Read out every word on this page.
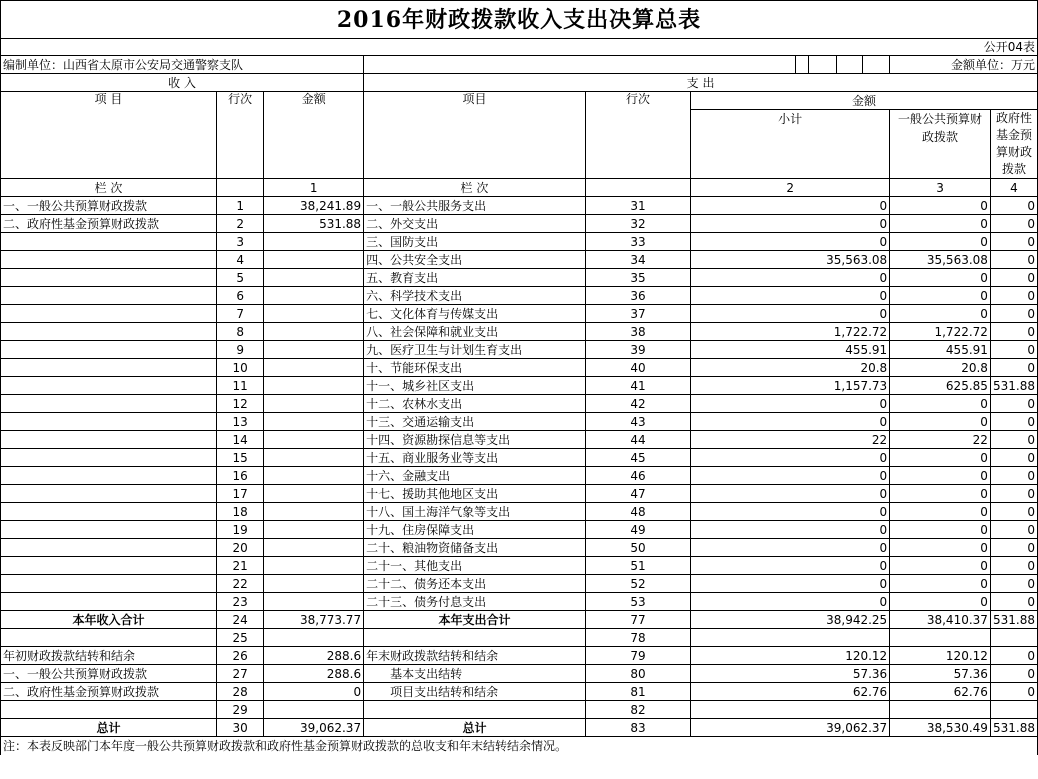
2016年财政拨款收入支出决算总表											
公开04表											
编制单位：山西省太原市公安局交通警察支队										金额单位：万元	
收 入			支 出								
项 目	行次	金额	项目	行次	金额						
					小计					一般公共预算财政拨款	政府性基金预算财政拨款

栏 次		1	栏 次		2					3	4
一、一般公共预算财政拨款	1	38,241.89	一、一般公共服务支出	31	0					0	0
二、政府性基金预算财政拨款	2	531.88	二、外交支出	32	0					0	0
	3		三、国防支出	33	0					0	0
	4		四、公共安全支出	34	35,563.08					35,563.08	0
	5		五、教育支出	35	0					0	0
	6		六、科学技术支出	36	0					0	0
	7		七、文化体育与传媒支出	37	0					0	0
	8		八、社会保障和就业支出	38	1,722.72					1,722.72	0
	9		九、医疗卫生与计划生育支出	39	455.91					455.91	0
	10		十、节能环保支出	40	20.8					20.8	0
	11		十一、城乡社区支出	41	1,157.73					625.85	531.88
	12		十二、农林水支出	42	0					0	0
	13		十三、交通运输支出	43	0					0	0
	14		十四、资源勘探信息等支出	44	22					22	0
	15		十五、商业服务业等支出	45	0					0	0
	16		十六、金融支出	46	0					0	0
	17		十七、援助其他地区支出	47	0					0	0
	18		十八、国土海洋气象等支出	48	0					0	0
	19		十九、住房保障支出	49	0					0	0
	20		二十、粮油物资储备支出	50	0					0	0
	21		二十一、其他支出	51	0					0	0
	22		二十二、债务还本支出	52	0					0	0
	23		二十三、债务付息支出	53	0					0	0
本年收入合计	24	38,773.77	本年支出合计	77	38,942.25					38,410.37	531.88
	25			78							
年初财政拨款结转和结余	26	288.6	年末财政拨款结转和结余	79	120.12					120.12	0
一、一般公共预算财政拨款	27	288.6	基本支出结转	80	57.36					57.36	0
二、政府性基金预算财政拨款	28	0	项目支出结转和结余	81	62.76					62.76	0
	29			82							
总计	30	39,062.37	总计	83	39,062.37					38,530.49	531.88
注：本表反映部门本年度一般公共预算财政拨款和政府性基金预算财政拨款的总收支和年末结转结余情况。											
